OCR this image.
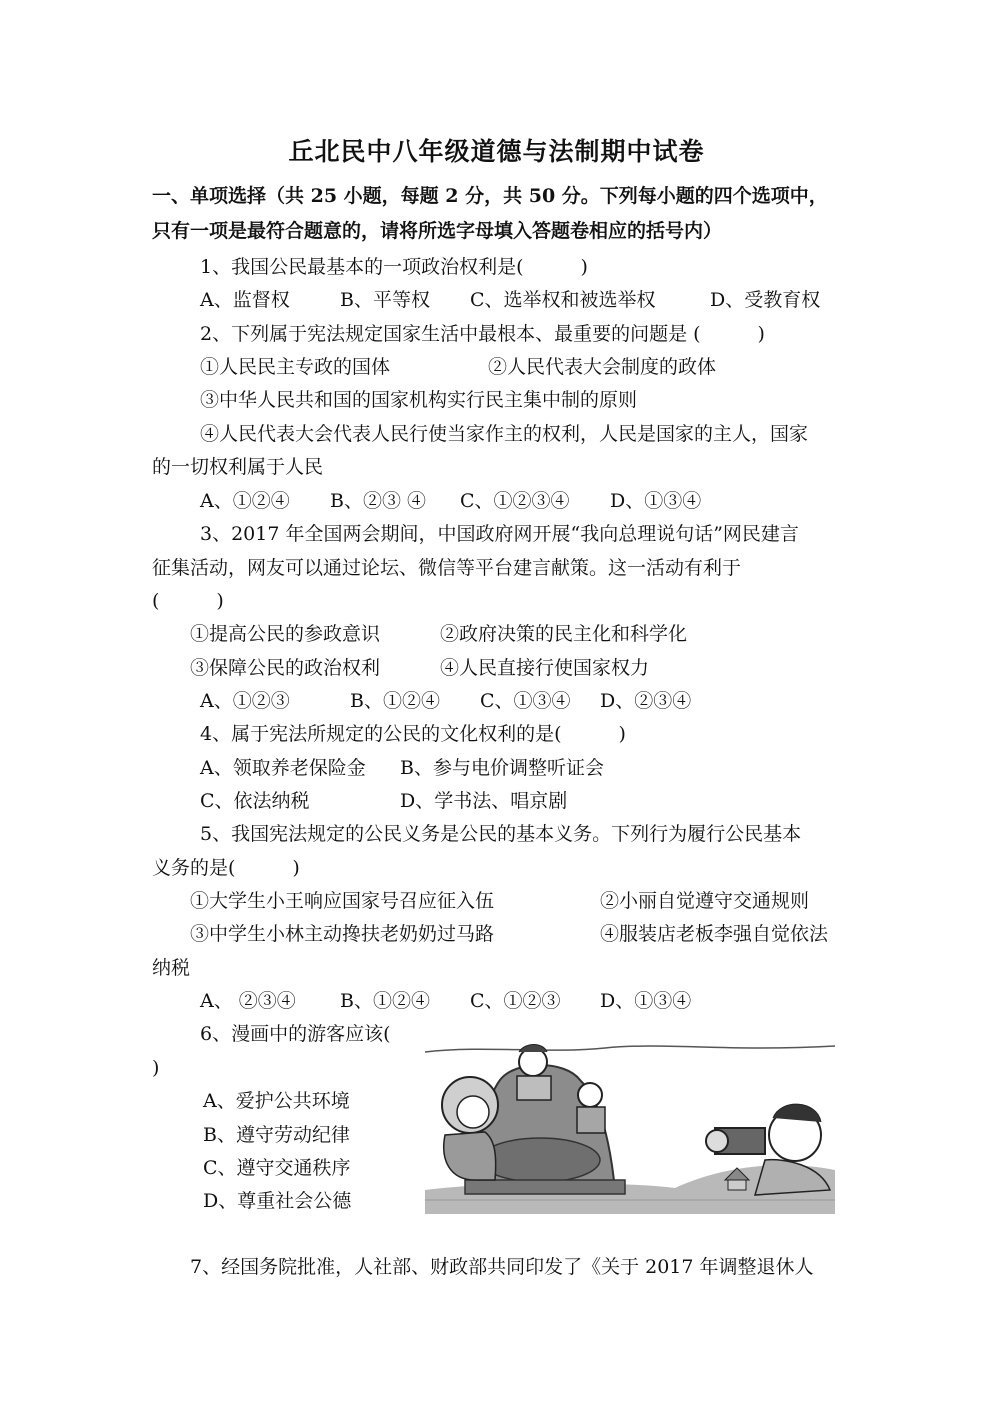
丘北民中八年级道德与法制期中试卷
一、单项选择（共 25 小题，每题 2 分，共 50 分。下列每小题的四个选项中，
只有一项是最符合题意的，请将所选字母填入答题卷相应的括号内）
1、我国公民最基本的一项政治权利是(　　　)
A、监督权	B、平等权 C、选举权和被选举权	D、受教育权
2、下列属于宪法规定国家生活中最根本、最重要的问题是 (　　　)
①人民民主专政的国体	②人民代表大会制度的政体
③中华人民共和国的国家机构实行民主集中制的原则
④人民代表大会代表人民行使当家作主的权利，人民是国家的主人，国家
的一切权利属于人民
A、①②④ B、②③ ④ C、①②③④ D、①③④
3、2017 年全国两会期间，中国政府网开展“我向总理说句话”网民建言
征集活动，网友可以通过论坛、微信等平台建言献策。这一活动有利于
(　　　)
①提高公民的参政意识	②政府决策的民主化和科学化
③保障公民的政治权利	④人民直接行使国家权力
A、①②③	B、①②④ C、①③④ D、②③④
4、属于宪法所规定的公民的文化权利的是(　　　)
A、领取养老保险金 B、参与电价调整听证会
C、依法纳税	D、学书法、唱京剧
5、我国宪法规定的公民义务是公民的基本义务。下列行为履行公民基本
义务的是(　　　)
①大学生小王响应国家号召应征入伍	②小丽自觉遵守交通规则
③中学生小林主动搀扶老奶奶过马路	④服装店老板李强自觉依法
纳税
A、 ②③④ B、①②④ C、①②③ D、①③④
6、漫画中的游客应该(
)
A、爱护公共环境
B、遵守劳动纪律
C、遵守交通秩序
D、尊重社会公德
7、经国务院批准，人社部、财政部共同印发了《关于 2017 年调整退休人
